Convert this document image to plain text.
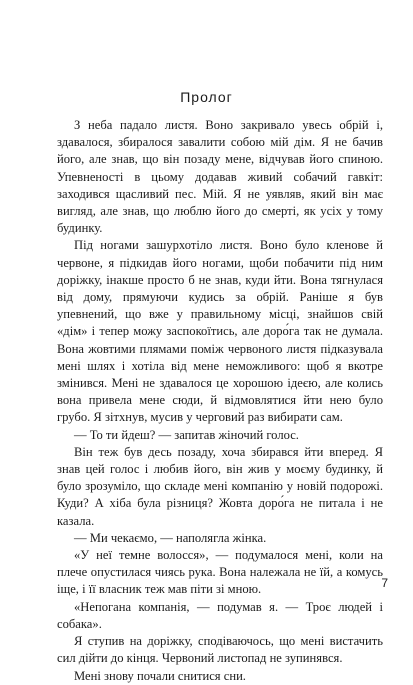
Пролог

З неба падало листя. Воно закривало увесь обрій і, здавалося, збиралося завалити собою мій дім. Я не бачив його, але знав, що він позаду мене, відчував його спиною. Упевненості в цьому додавав живий собачий гавкіт: заходився щасливий пес. Мій. Я не уявляв, який він має вигляд, але знав, що люблю його до смерті, як усіх у тому будинку.

Під ногами зашурхотіло листя. Воно було кленове й червоне, я підкидав його ногами, щоби побачити під ним доріжку, інакше просто б не знав, куди йти. Вона тягнулася від дому, прямуючи кудись за обрій. Раніше я був упевнений, що вже у правильному місці, знайшов свій «дім» і тепер можу заспокоїтись, але доро́га так не думала. Вона жовтими плямами поміж червоного листя підказувала мені шлях і хотіла від мене неможливого: щоб я вкотре змінився. Мені не здавалося це хорошою ідеєю, але колись вона привела мене сюди, й відмовлятися йти нею було грубо. Я зітхнув, мусив у черговий раз вибирати сам.

— То ти йдеш? — запитав жіночий голос.

Він теж був десь позаду, хоча збирався йти вперед. Я знав цей голос і любив його, він жив у моєму будинку, й було зрозуміло, що складе мені компанію у новій подорожі. Куди? А хіба була різниця? Жовта доро́га не питала і не казала.

— Ми чекаємо, — наполягла жінка.

«У неї темне волосся», — подумалося мені, коли на плече опустилася чиясь рука. Вона належала не їй, а комусь іще, і її власник теж мав піти зі мною.

«Непогана компанія, — подумав я. — Троє людей і собака».

Я ступив на доріжку, сподіваючось, що мені вистачить сил дійти до кінця. Червоний листопад не зупинявся.

Мені знову почали снитися сни.

7
